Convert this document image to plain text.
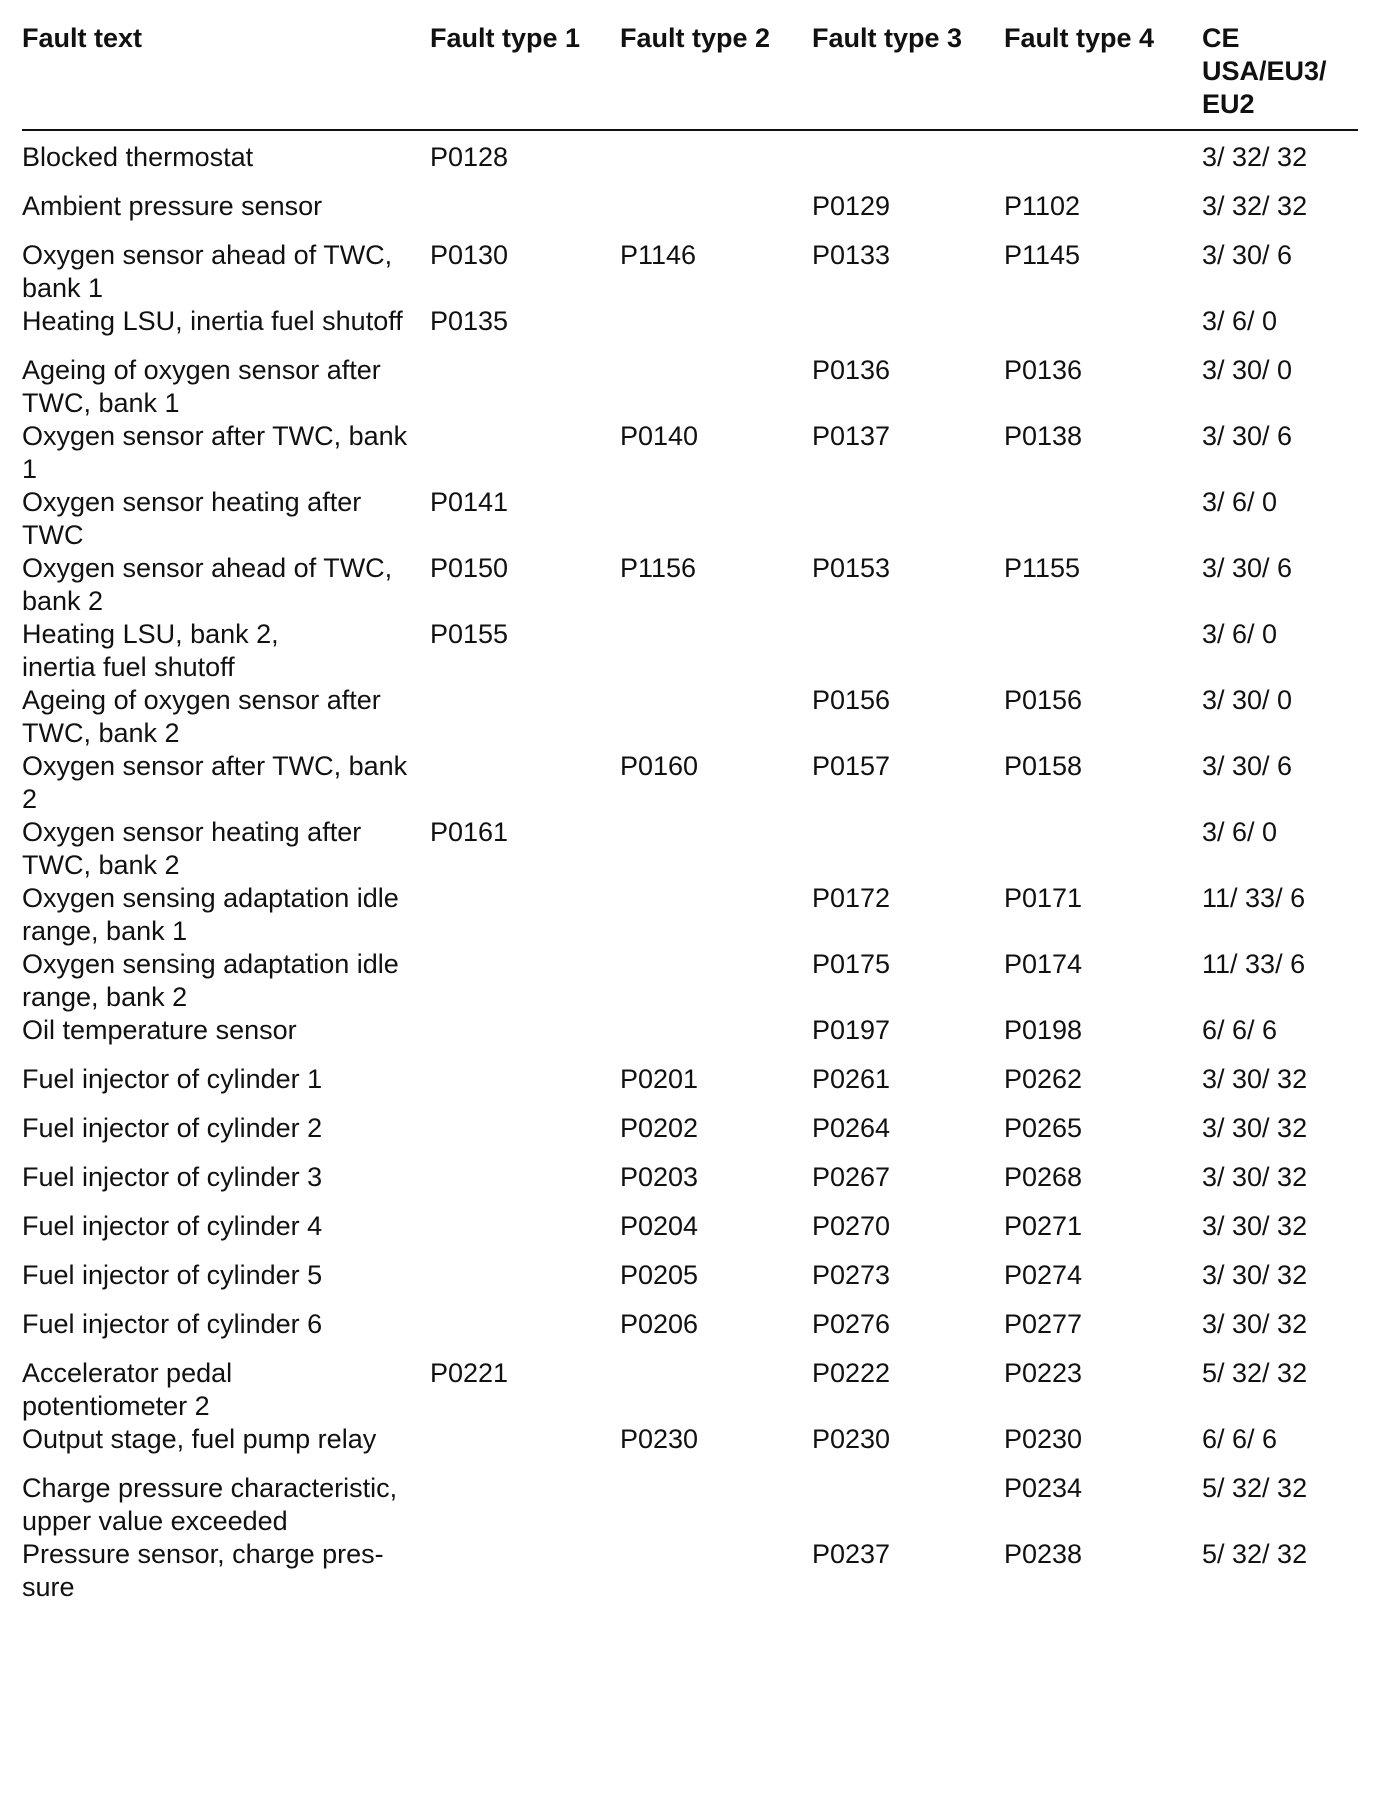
Fault text	Fault type 1	Fault type 2	Fault type 3	Fault type 4	CE
USA/EU3/
EU2

Blocked thermostat	P0128				3/ 32/ 32

Ambient pressure sensor			P0129	P1102	3/ 32/ 32

Oxygen sensor ahead of TWC,
bank 1	P0130	P1146	P0133	P1145	3/ 30/ 6

Heating LSU, inertia fuel shutoff	P0135				3/ 6/ 0

Ageing of oxygen sensor after
TWC, bank 1			P0136	P0136	3/ 30/ 0

Oxygen sensor after TWC, bank
1		P0140	P0137	P0138	3/ 30/ 6

Oxygen sensor heating after TWC	P0141				3/ 6/ 0

Oxygen sensor ahead of TWC,
bank 2	P0150	P1156	P0153	P1155	3/ 30/ 6

Heating LSU, bank 2,
inertia fuel shutoff	P0155				3/ 6/ 0

Ageing of oxygen sensor after
TWC, bank 2			P0156	P0156	3/ 30/ 0

Oxygen sensor after TWC, bank
2		P0160	P0157	P0158	3/ 30/ 6

Oxygen sensor heating after
TWC, bank 2	P0161				3/ 6/ 0

Oxygen sensing adaptation idle
range, bank 1			P0172	P0171	11/ 33/ 6

Oxygen sensing adaptation idle
range, bank 2			P0175	P0174	11/ 33/ 6

Oil temperature sensor			P0197	P0198	6/ 6/ 6

Fuel injector of cylinder 1		P0201	P0261	P0262	3/ 30/ 32

Fuel injector of cylinder 2		P0202	P0264	P0265	3/ 30/ 32

Fuel injector of cylinder 3		P0203	P0267	P0268	3/ 30/ 32

Fuel injector of cylinder 4		P0204	P0270	P0271	3/ 30/ 32

Fuel injector of cylinder 5		P0205	P0273	P0274	3/ 30/ 32

Fuel injector of cylinder 6		P0206	P0276	P0277	3/ 30/ 32

Accelerator pedal
potentiometer 2	P0221		P0222	P0223	5/ 32/ 32

Output stage, fuel pump relay		P0230	P0230	P0230	6/ 6/ 6

Charge pressure characteristic,
upper value exceeded				P0234	5/ 32/ 32

Pressure sensor, charge pres-
sure			P0237	P0238	5/ 32/ 32
